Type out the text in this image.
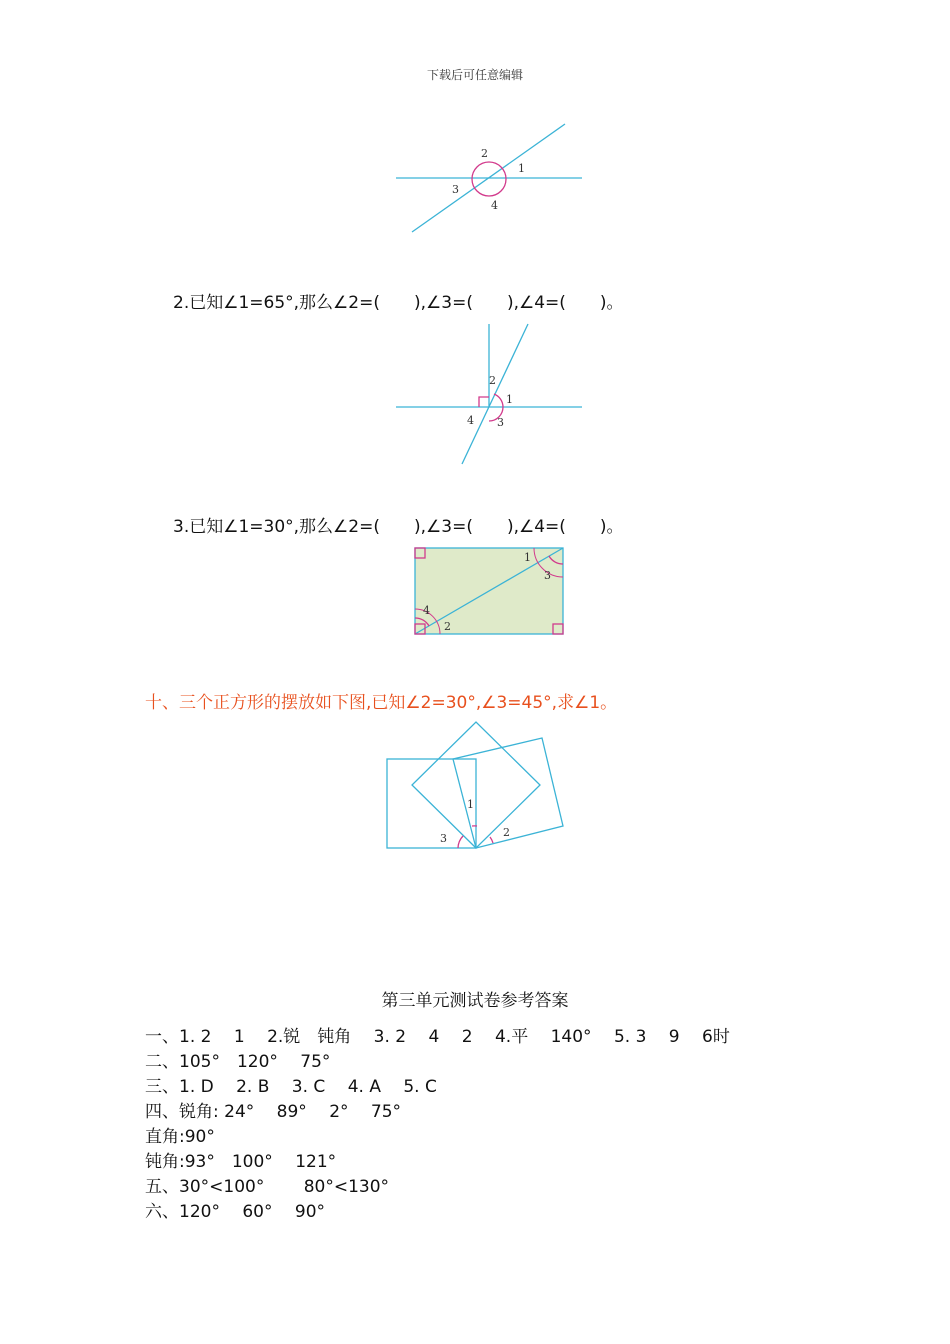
下载后可任意编辑
1
2
3
4
2.已知∠1=65°,那么∠2=(　　),∠3=(　　),∠4=(　　)。
1
2
3
4
3.已知∠1=30°,那么∠2=(　　),∠3=(　　),∠4=(　　)。
1
2
3
4
十、三个正方形的摆放如下图,已知∠2=30°,∠3=45°,求∠1。
1
2
3
第三单元测试卷参考答案
一、1. 2　 1　 2.锐　钝角　 3. 2　 4　 2　 4.平　 140°　 5. 3　 9　 6时
二、105°　120°　 75°
三、1. D　 2. B　 3. C　 4. A　 5. C
四、锐角: 24°　 89°　 2°　 75°
直角:90°
钝角:93°　100°　 121°
五、30°<100°　　 80°<130°
六、120°　 60°　 90°
